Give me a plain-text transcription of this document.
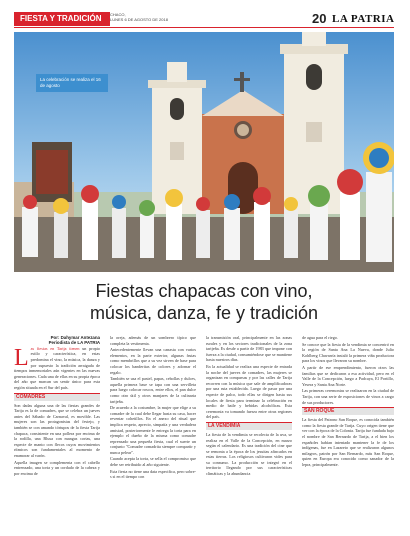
FIESTA Y TRADICIÓN	CHACO,
LUNES 6 DE AGOSTO DE 2018	20 LA PATRIA
La celebración se realiza el 16 de agosto
Fiestas chapacas con vino,
música, danza, fe y tradición
Por: Dahymar Antezana
Periodista de LA PATRIA

Las fiestas en Tarija tienen un propio estilo y característica, en estas predomina el vino, la música, la danza y por supuesto la tradición arraigada de tiempos inmemoriales aún vigentes en las nuevas generaciones. Cada una de ellas en su propia época del año que marcan un sentir único para esta región situada en el Sur del país.

COMADRES

Son dadas alguna una de las fiestas grandes de Tarija es la de comadres, que se celebra un jueves antes del Sábado de Carnaval, es movible. Las mujeres son las protagonistas del festejo, y también se con amando tórtupos de la fiesta Tarija chapaca, consistente en una pollera por encima de la rodilla, una Blusa con mangas cortas, una especie de manto con flecos cuyos movimientos rítmicos son fundamentales al momento de enamorar al varón.

Aquella imagen se complementa con el cabello entrenzado, una torta y un cordado de la cabeza y por encima de

la oreja, además de un sombrero típico que completa la vestimenta.

Antecedentemente llevan una canasta con varios elementos, en la parte exterior, algunas frutas como membrillos que a su vez sirven de base para colocar los banderitas de colores y adornar el regalo.

También se usa el pastel, papas, cebollas y dulces, aquella primera base se tapa con una servilleta para luego colocar roscos, entre ellos, el pan dulce como otro útil y otros manjares de la culinaria tarijeña.

De acuerdo a la costumbre, la mujer que elige a su comadre de la cual debe llegar hasta su casa, hacer reventar cohetillos. En el anexo del ritual que implica respeto, aprecio, simpatía y una verdadera amistad, posteriormente le entrega la torta para en ejemplo el dueño de la misma como comadre reprensado una pequeña fiesta, cual el suerte un conjunto "Comadre comadrita siempre compartir y nunca pelear".

Cuando acepta la torta, se sella el compromiso que debe ser retribuido al año siguiente.

Esta fiesta no tiene una data especifica, pero sobres si en el tiempo con

la transmisión oral, principalmente en las zonas rurales y en los sectores tradicionales de la zona tarijeña. Es desde a partir de 1983 que impone con fuerza a la ciudad, consumiéndose que se mantiene hasta nuestros días.

En la actualidad se realiza una especie de entrada la noche del jueves de comadres, las mujeres se organizan en comparsas y por las calles de Tarija recorren con la música que sale de amplificadoras por una ruta establecida. Luego de pasar por una especie de palco, todo ellas se dirigen hasta sus locales de fiesta para terminar la celebración en medio de baile y bebidas alcohólicas. Esta ceremonia va tomando fuerza entre otras regiones del país.

LA VENDIMIA

La fiesta de la vendimia se recolecta de la uva, se realiza en el Valle de la Concepción, en marzo según el calendario. Es una tradición del cine que se remonta a la época de los jesuitas afincados en estas tierras. Los religiosos cultivaron vides para su consumo. La producción se integró en el territorio llegando por sus características climáticas y la abundancia

de agua para el riego.

Se conoce que la fiesta de la vendimia se concentró en la región de Santa Ana La Nueva, donde Julio Kohlberg Chavarría instaló la primera viña productora para los vinos que llevaron su nombre.

A partir de ese emprendimiento, fueron otros las familias que se dedicaron a esa actividad, pero en el Valle de la Concepción, luego a Padcaya, El Portillo, Yesera y Santa Ana Norte.

Las primeras ceremonias se realizaron en la ciudad de Tarija, con una serie de exposiciones de vinos a cargo de sus productores.

SAN ROQUE

La fiesta del Patrono San Roque, es conocida también como la fiesta grande de Tarija. Cuyo origen tiene que ver con la época de la Colonia. Tarija fue fundada bajo el nombre de San Bernardo de Tarija, a el bien los españoles habían intentado mantener la fe de los indígenas, fue en Lazareto que se realizaron algunos milagros, patrón por San Bernardo, más San Roque, quien en Europa era conocido como sanador de la lepra, principalmente.
